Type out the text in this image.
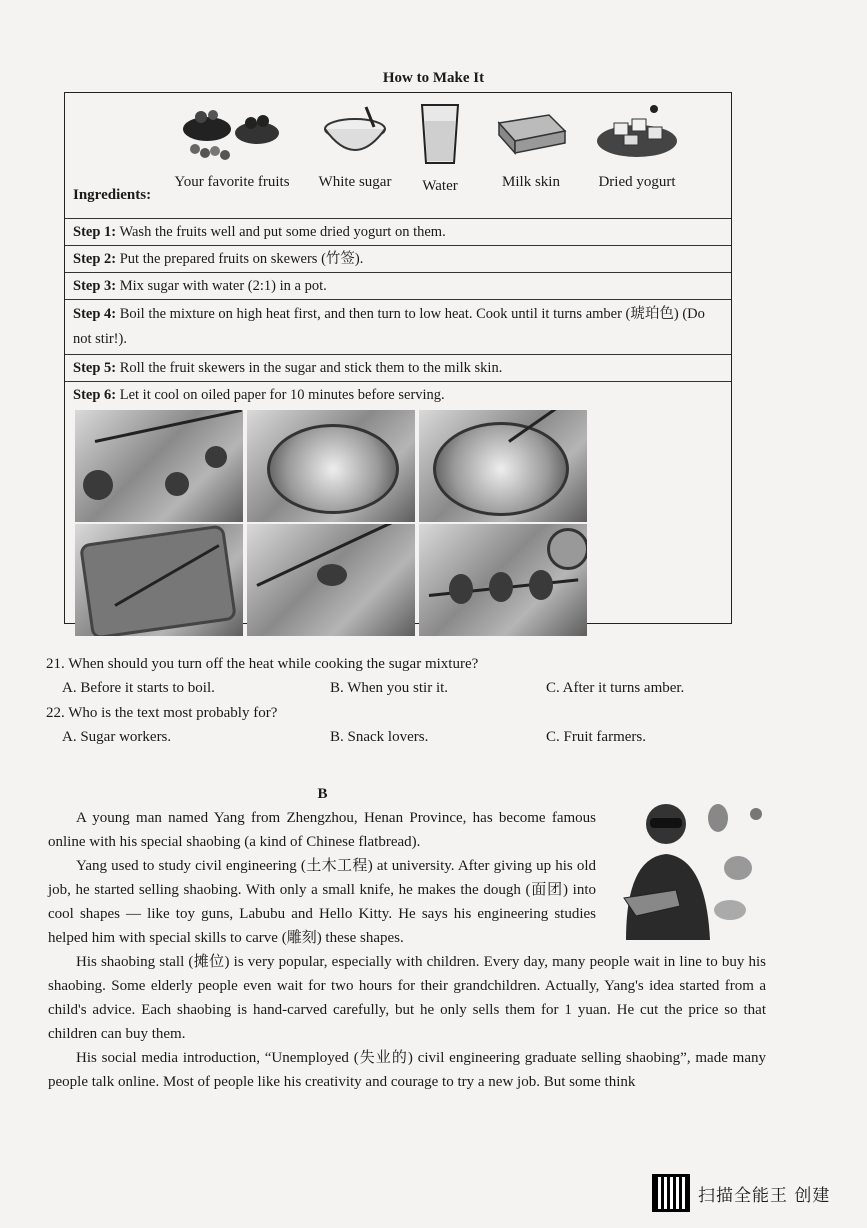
How to Make It
Ingredients:
Your favorite fruits	White sugar	Water	Milk skin	Dried yogurt
Step 1: Wash the fruits well and put some dried yogurt on them.
Step 2: Put the prepared fruits on skewers (竹签).
Step 3: Mix sugar with water (2:1) in a pot.
Step 4: Boil the mixture on high heat first, and then turn to low heat. Cook until it turns amber (琥珀色) (Do not stir!).
Step 5: Roll the fruit skewers in the sugar and stick them to the milk skin.
Step 6: Let it cool on oiled paper for 10 minutes before serving.
21. When should you turn off the heat while cooking the sugar mixture?
A. Before it starts to boil.	B. When you stir it.	C. After it turns amber.
22. Who is the text most probably for?
A. Sugar workers.	B. Snack lovers.	C. Fruit farmers.
B

A young man named Yang from Zhengzhou, Henan Province, has become famous online with his special shaobing (a kind of Chinese flatbread).

Yang used to study civil engineering (土木工程) at university. After giving up his old job, he started selling shaobing. With only a small knife, he makes the dough (面团) into cool shapes — like toy guns, Labubu and Hello Kitty. He says his engineering studies helped him with special skills to carve (雕刻) these shapes.

His shaobing stall (摊位) is very popular, especially with children. Every day, many people wait in line to buy his shaobing. Some elderly people even wait for two hours for their grandchildren. Actually, Yang's idea started from a child's advice. Each shaobing is hand-carved carefully, but he only sells them for 1 yuan. He cut the price so that children can buy them.

His social media introduction, “Unemployed (失业的) civil engineering graduate selling shaobing”, made many people talk online. Most of people like his creativity and courage to try a new job. But some think

扫描全能王 创建
